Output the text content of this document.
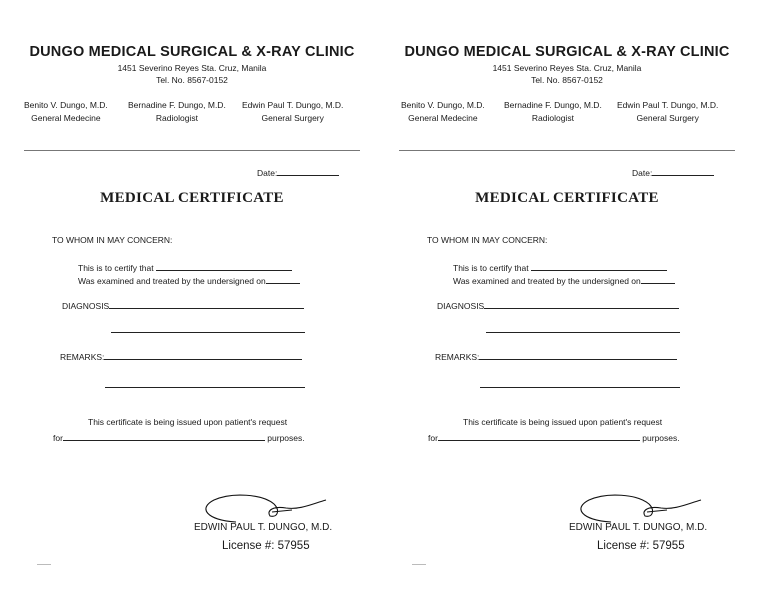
DUNGO MEDICAL SURGICAL & X-RAY CLINIC
1451 Severino Reyes Sta. Cruz, Manila
Tel. No. 8567-0152
Benito V. Dungo, M.D.
General Medecine
Bernadine F. Dungo, M.D.
Radiologist
Edwin Paul T. Dungo, M.D.
General Surgery
Date:
MEDICAL CERTIFICATE
TO WHOM IN MAY CONCERN:
This is to certify that
Was examined and treated by the undersigned on
DIAGNOSIS
REMARKS:
This certificate is being issued upon patient's request
for	purposes.
EDWIN PAUL T. DUNGO, M.D.
License #: 57955
DUNGO MEDICAL SURGICAL & X-RAY CLINIC
1451 Severino Reyes Sta. Cruz, Manila
Tel. No. 8567-0152
Benito V. Dungo, M.D.
General Medecine
Bernadine F. Dungo, M.D.
Radiologist
Edwin Paul T. Dungo, M.D.
General Surgery
Date:
MEDICAL CERTIFICATE
TO WHOM IN MAY CONCERN:
This is to certify that
Was examined and treated by the undersigned on
DIAGNOSIS
REMARKS:
This certificate is being issued upon patient's request
for	purposes.
EDWIN PAUL T. DUNGO, M.D.
License #: 57955
